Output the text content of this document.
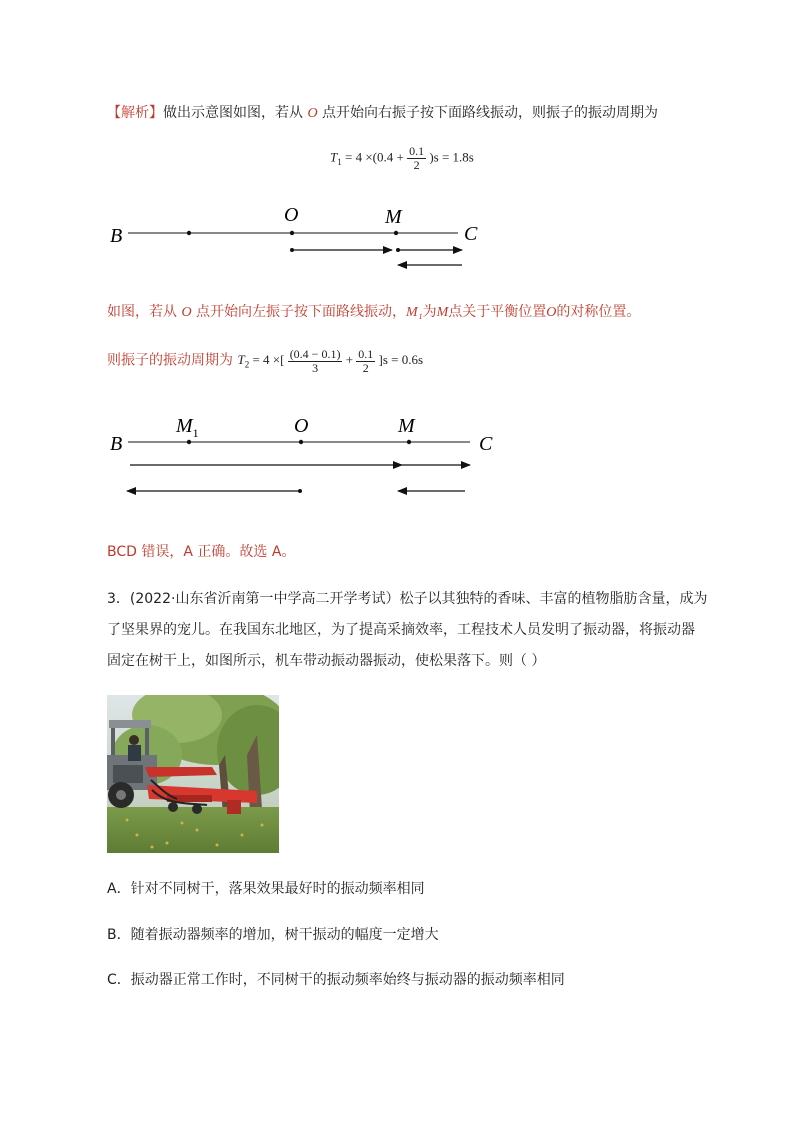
【解析】做出示意图如图，若从 O 点开始向右振子按下面路线振动，则振子的振动周期为
$T_1 = 4 \times(0.4 + \frac{0.1}{2} )s = 1.8s$
B
O	M
C
如图，若从 O 点开始向左振子按下面路线振动，M₁为M点关于平衡位置O的对称位置。
则振子的振动周期为 $T_2 = 4$ ×[ $\frac{(0.4 - 0.1)}{3} + \frac{0.1}{2} ]s = 0.6s$
B
$M_1$	O	M
C
BCD 错误，A 正确。故选 A。
3．(2022·山东省沂南第一中学高二开学考试）松子以其独特的香味、丰富的植物脂肪含量，成为
了坚果界的宠儿。在我国东北地区，为了提高采摘效率，工程技术人员发明了振动器，将振动器
固定在树干上，如图所示，机车带动振动器振动，使松果落下。则（ ）
A．针对不同树干，落果效果最好时的振动频率相同
B．随着振动器频率的增加，树干振动的幅度一定增大
C．振动器正常工作时，不同树干的振动频率始终与振动器的振动频率相同
